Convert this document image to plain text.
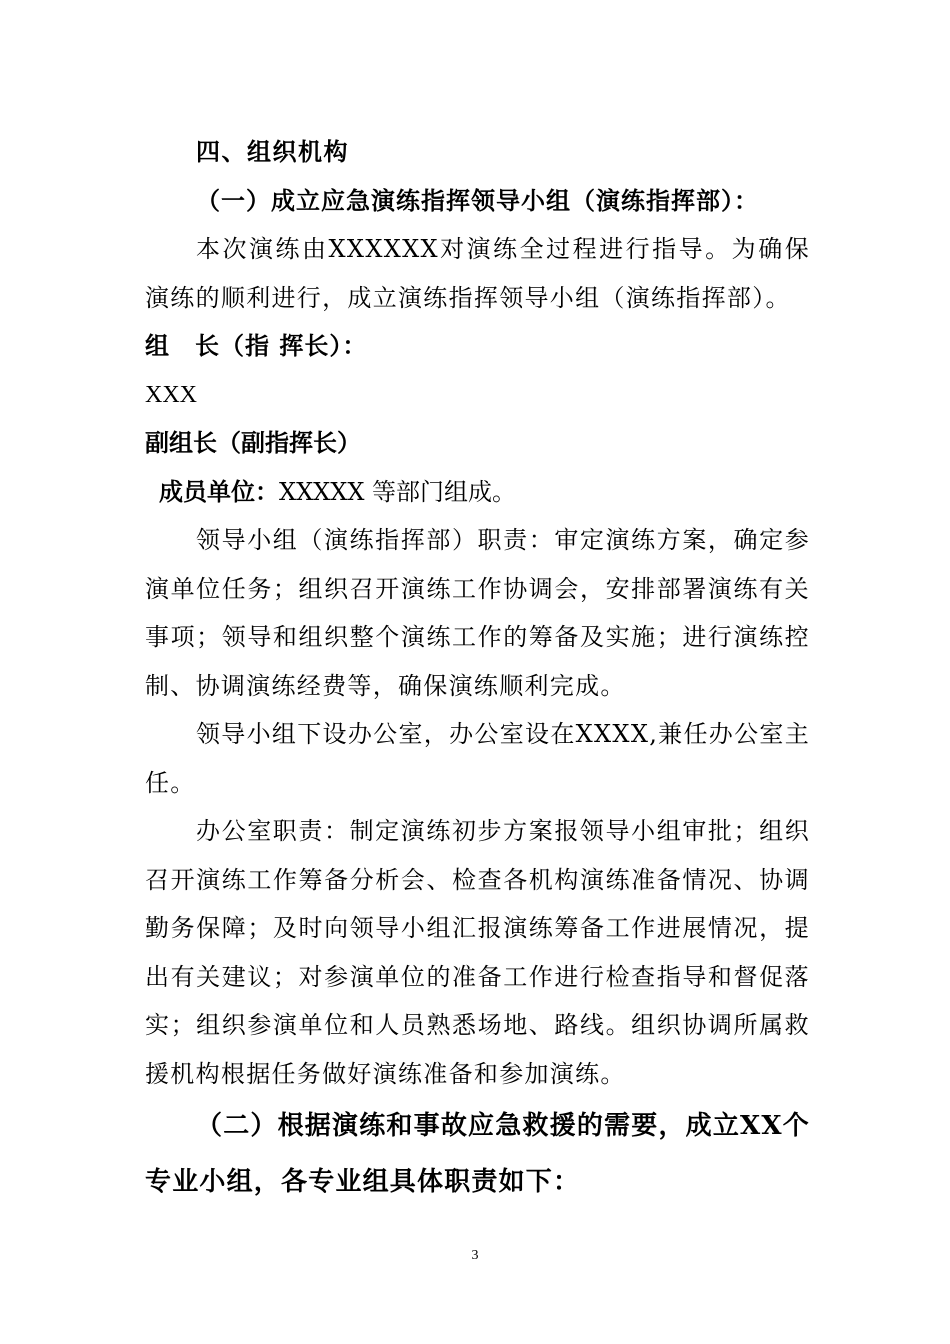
四、组织机构

（一）成立应急演练指挥领导小组（演练指挥部）：

本次演练由XXXXXX对演练全过程进行指导。为确保演练的顺利进行，成立演练指挥领导小组（演练指挥部）。

组	长（指 挥长）：

XXX

副组长（副指挥长）

成员单位：XXXXX 等部门组成。

领导小组（演练指挥部）职责：审定演练方案，确定参演单位任务；组织召开演练工作协调会，安排部署演练有关事项；领导和组织整个演练工作的筹备及实施；进行演练控制、协调演练经费等，确保演练顺利完成。

领导小组下设办公室，办公室设在XXXX,兼任办公室主任。

办公室职责：制定演练初步方案报领导小组审批；组织召开演练工作筹备分析会、检查各机构演练准备情况、协调勤务保障；及时向领导小组汇报演练筹备工作进展情况，提出有关建议；对参演单位的准备工作进行检查指导和督促落实；组织参演单位和人员熟悉场地、路线。组织协调所属救援机构根据任务做好演练准备和参加演练。

（二）根据演练和事故应急救援的需要，成立XX个专业小组，各专业组具体职责如下：

3
